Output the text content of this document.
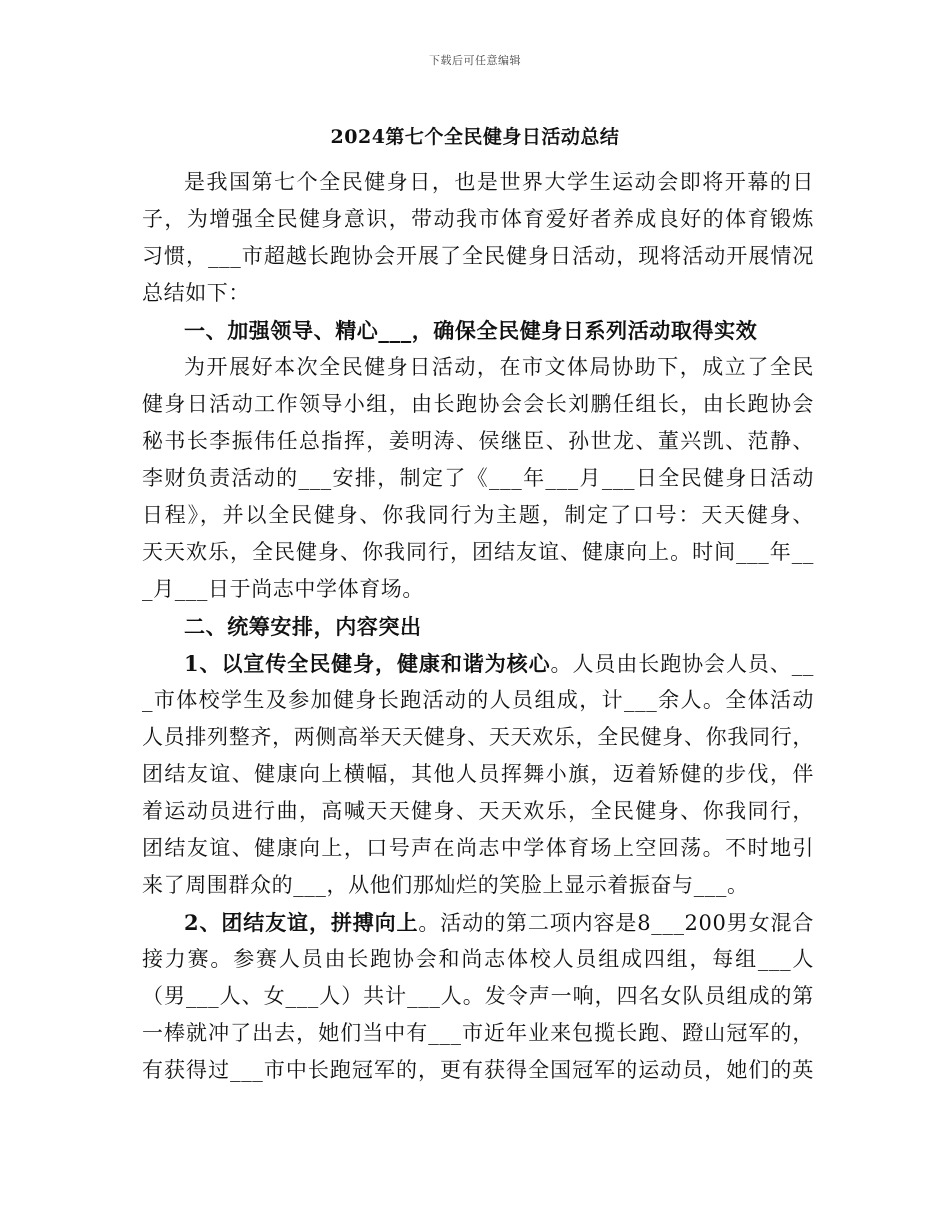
下载后可任意编辑
2024第七个全民健身日活动总结
是我国第七个全民健身日，也是世界大学生运动会即将开幕的日
子，为增强全民健身意识，带动我市体育爱好者养成良好的体育锻炼
习惯，___市超越长跑协会开展了全民健身日活动，现将活动开展情况
总结如下：
一、加强领导、精心___，确保全民健身日系列活动取得实效
为开展好本次全民健身日活动，在市文体局协助下，成立了全民
健身日活动工作领导小组，由长跑协会会长刘鹏任组长，由长跑协会
秘书长李振伟任总指挥，姜明涛、侯继臣、孙世龙、董兴凯、范静、
李财负责活动的___安排，制定了《___年___月___日全民健身日活动
日程》，并以全民健身、你我同行为主题，制定了口号：天天健身、
天天欢乐，全民健身、你我同行，团结友谊、健康向上。时间___年__
_月___日于尚志中学体育场。
二、统筹安排，内容突出
1、以宣传全民健身，健康和谐为核心。人员由长跑协会人员、__
_市体校学生及参加健身长跑活动的人员组成，计___余人。全体活动
人员排列整齐，两侧高举天天健身、天天欢乐，全民健身、你我同行，
团结友谊、健康向上横幅，其他人员挥舞小旗，迈着矫健的步伐，伴
着运动员进行曲，高喊天天健身、天天欢乐，全民健身、你我同行，
团结友谊、健康向上，口号声在尚志中学体育场上空回荡。不时地引
来了周围群众的___，从他们那灿烂的笑脸上显示着振奋与___。
2、团结友谊，拼搏向上。活动的第二项内容是8___200男女混合
接力赛。参赛人员由长跑协会和尚志体校人员组成四组，每组___人
（男___人、女___人）共计___人。发令声一响，四名女队员组成的第
一棒就冲了出去，她们当中有___市近年业来包揽长跑、蹬山冠军的，
有获得过___市中长跑冠军的，更有获得全国冠军的运动员，她们的英
